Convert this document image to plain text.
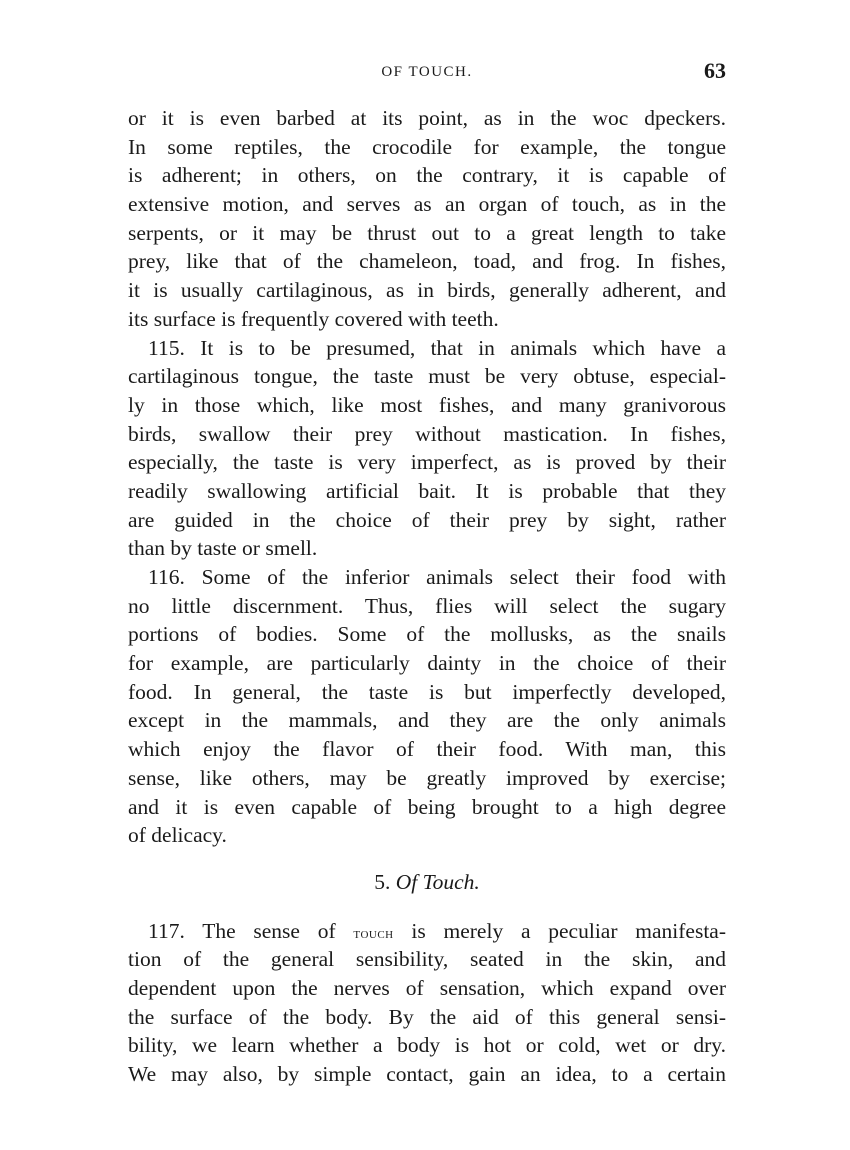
OF TOUCH.	63
or it is even barbed at its point, as in the woc dpeckers.
In some reptiles, the crocodile for example, the tongue
is adherent; in others, on the contrary, it is capable of
extensive motion, and serves as an organ of touch, as in the
serpents, or it may be thrust out to a great length to take
prey, like that of the chameleon, toad, and frog. In fishes,
it is usually cartilaginous, as in birds, generally adherent, and
its surface is frequently covered with teeth.
115. It is to be presumed, that in animals which have a
cartilaginous tongue, the taste must be very obtuse, especial-
ly in those which, like most fishes, and many granivorous
birds, swallow their prey without mastication. In fishes,
especially, the taste is very imperfect, as is proved by their
readily swallowing artificial bait. It is probable that they
are guided in the choice of their prey by sight, rather
than by taste or smell.
116. Some of the inferior animals select their food with
no little discernment. Thus, flies will select the sugary
portions of bodies. Some of the mollusks, as the snails
for example, are particularly dainty in the choice of their
food. In general, the taste is but imperfectly developed,
except in the mammals, and they are the only animals
which enjoy the flavor of their food. With man, this
sense, like others, may be greatly improved by exercise;
and it is even capable of being brought to a high degree
of delicacy.
5. Of Touch.
117. The sense of touch is merely a peculiar manifesta-
tion of the general sensibility, seated in the skin, and
dependent upon the nerves of sensation, which expand over
the surface of the body. By the aid of this general sensi-
bility, we learn whether a body is hot or cold, wet or dry.
We may also, by simple contact, gain an idea, to a certain
